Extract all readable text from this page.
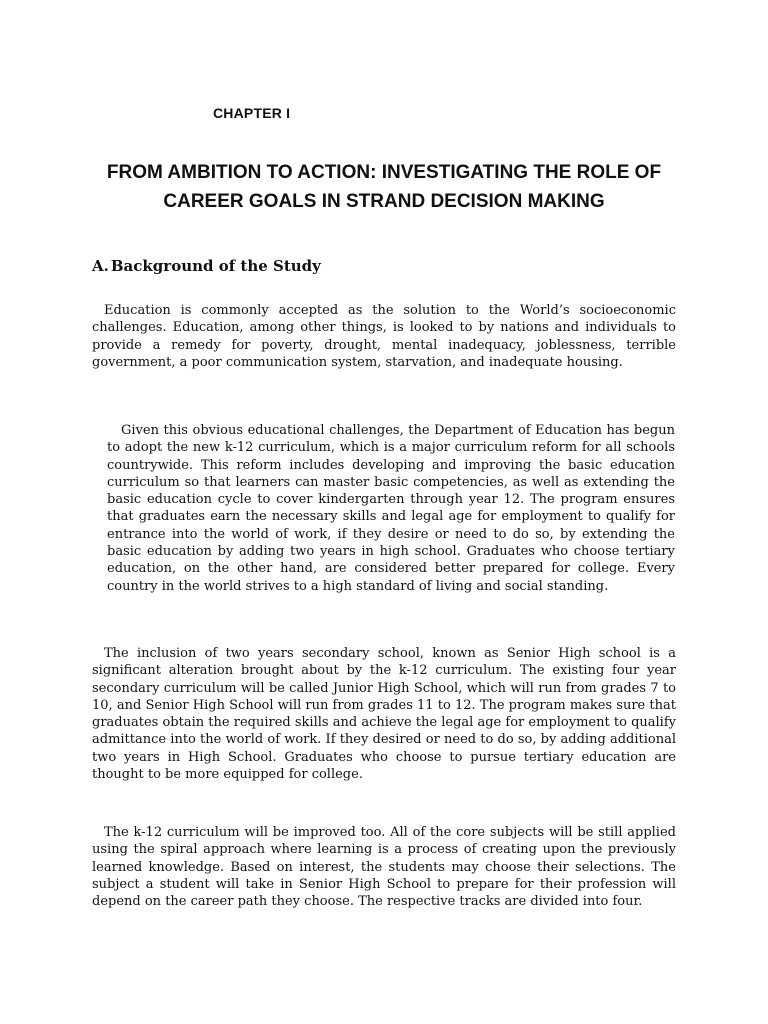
CHAPTER I
FROM AMBITION TO ACTION: INVESTIGATING THE ROLE OF CAREER GOALS IN STRAND DECISION MAKING
A. Background of the Study

Education is commonly accepted as the solution to the World’s socioeconomic challenges. Education, among other things, is looked to by nations and individuals to provide a remedy for poverty, drought, mental inadequacy, joblessness, terrible government, a poor communication system, starvation, and inadequate housing.

Given this obvious educational challenges, the Department of Education has begun to adopt the new k-12 curriculum, which is a major curriculum reform for all schools countrywide. This reform includes developing and improving the basic education curriculum so that learners can master basic competencies, as well as extending the basic education cycle to cover kindergarten through year 12. The program ensures that graduates earn the necessary skills and legal age for employment to qualify for entrance into the world of work, if they desire or need to do so, by extending the basic education by adding two years in high school. Graduates who choose tertiary education, on the other hand, are considered better prepared for college. Every country in the world strives to a high standard of living and social standing.

The inclusion of two years secondary school, known as Senior High school is a significant alteration brought about by the k-12 curriculum. The existing four year secondary curriculum will be called Junior High School, which will run from grades 7 to 10, and Senior High School will run from grades 11 to 12. The program makes sure that graduates obtain the required skills and achieve the legal age for employment to qualify admittance into the world of work. If they desired or need to do so, by adding additional two years in High School. Graduates who choose to pursue tertiary education are thought to be more equipped for college.

The k-12 curriculum will be improved too. All of the core subjects will be still applied using the spiral approach where learning is a process of creating upon the previously learned knowledge. Based on interest, the students may choose their selections. The subject a student will take in Senior High School to prepare for their profession will depend on the career path they choose. The respective tracks are divided into four.
